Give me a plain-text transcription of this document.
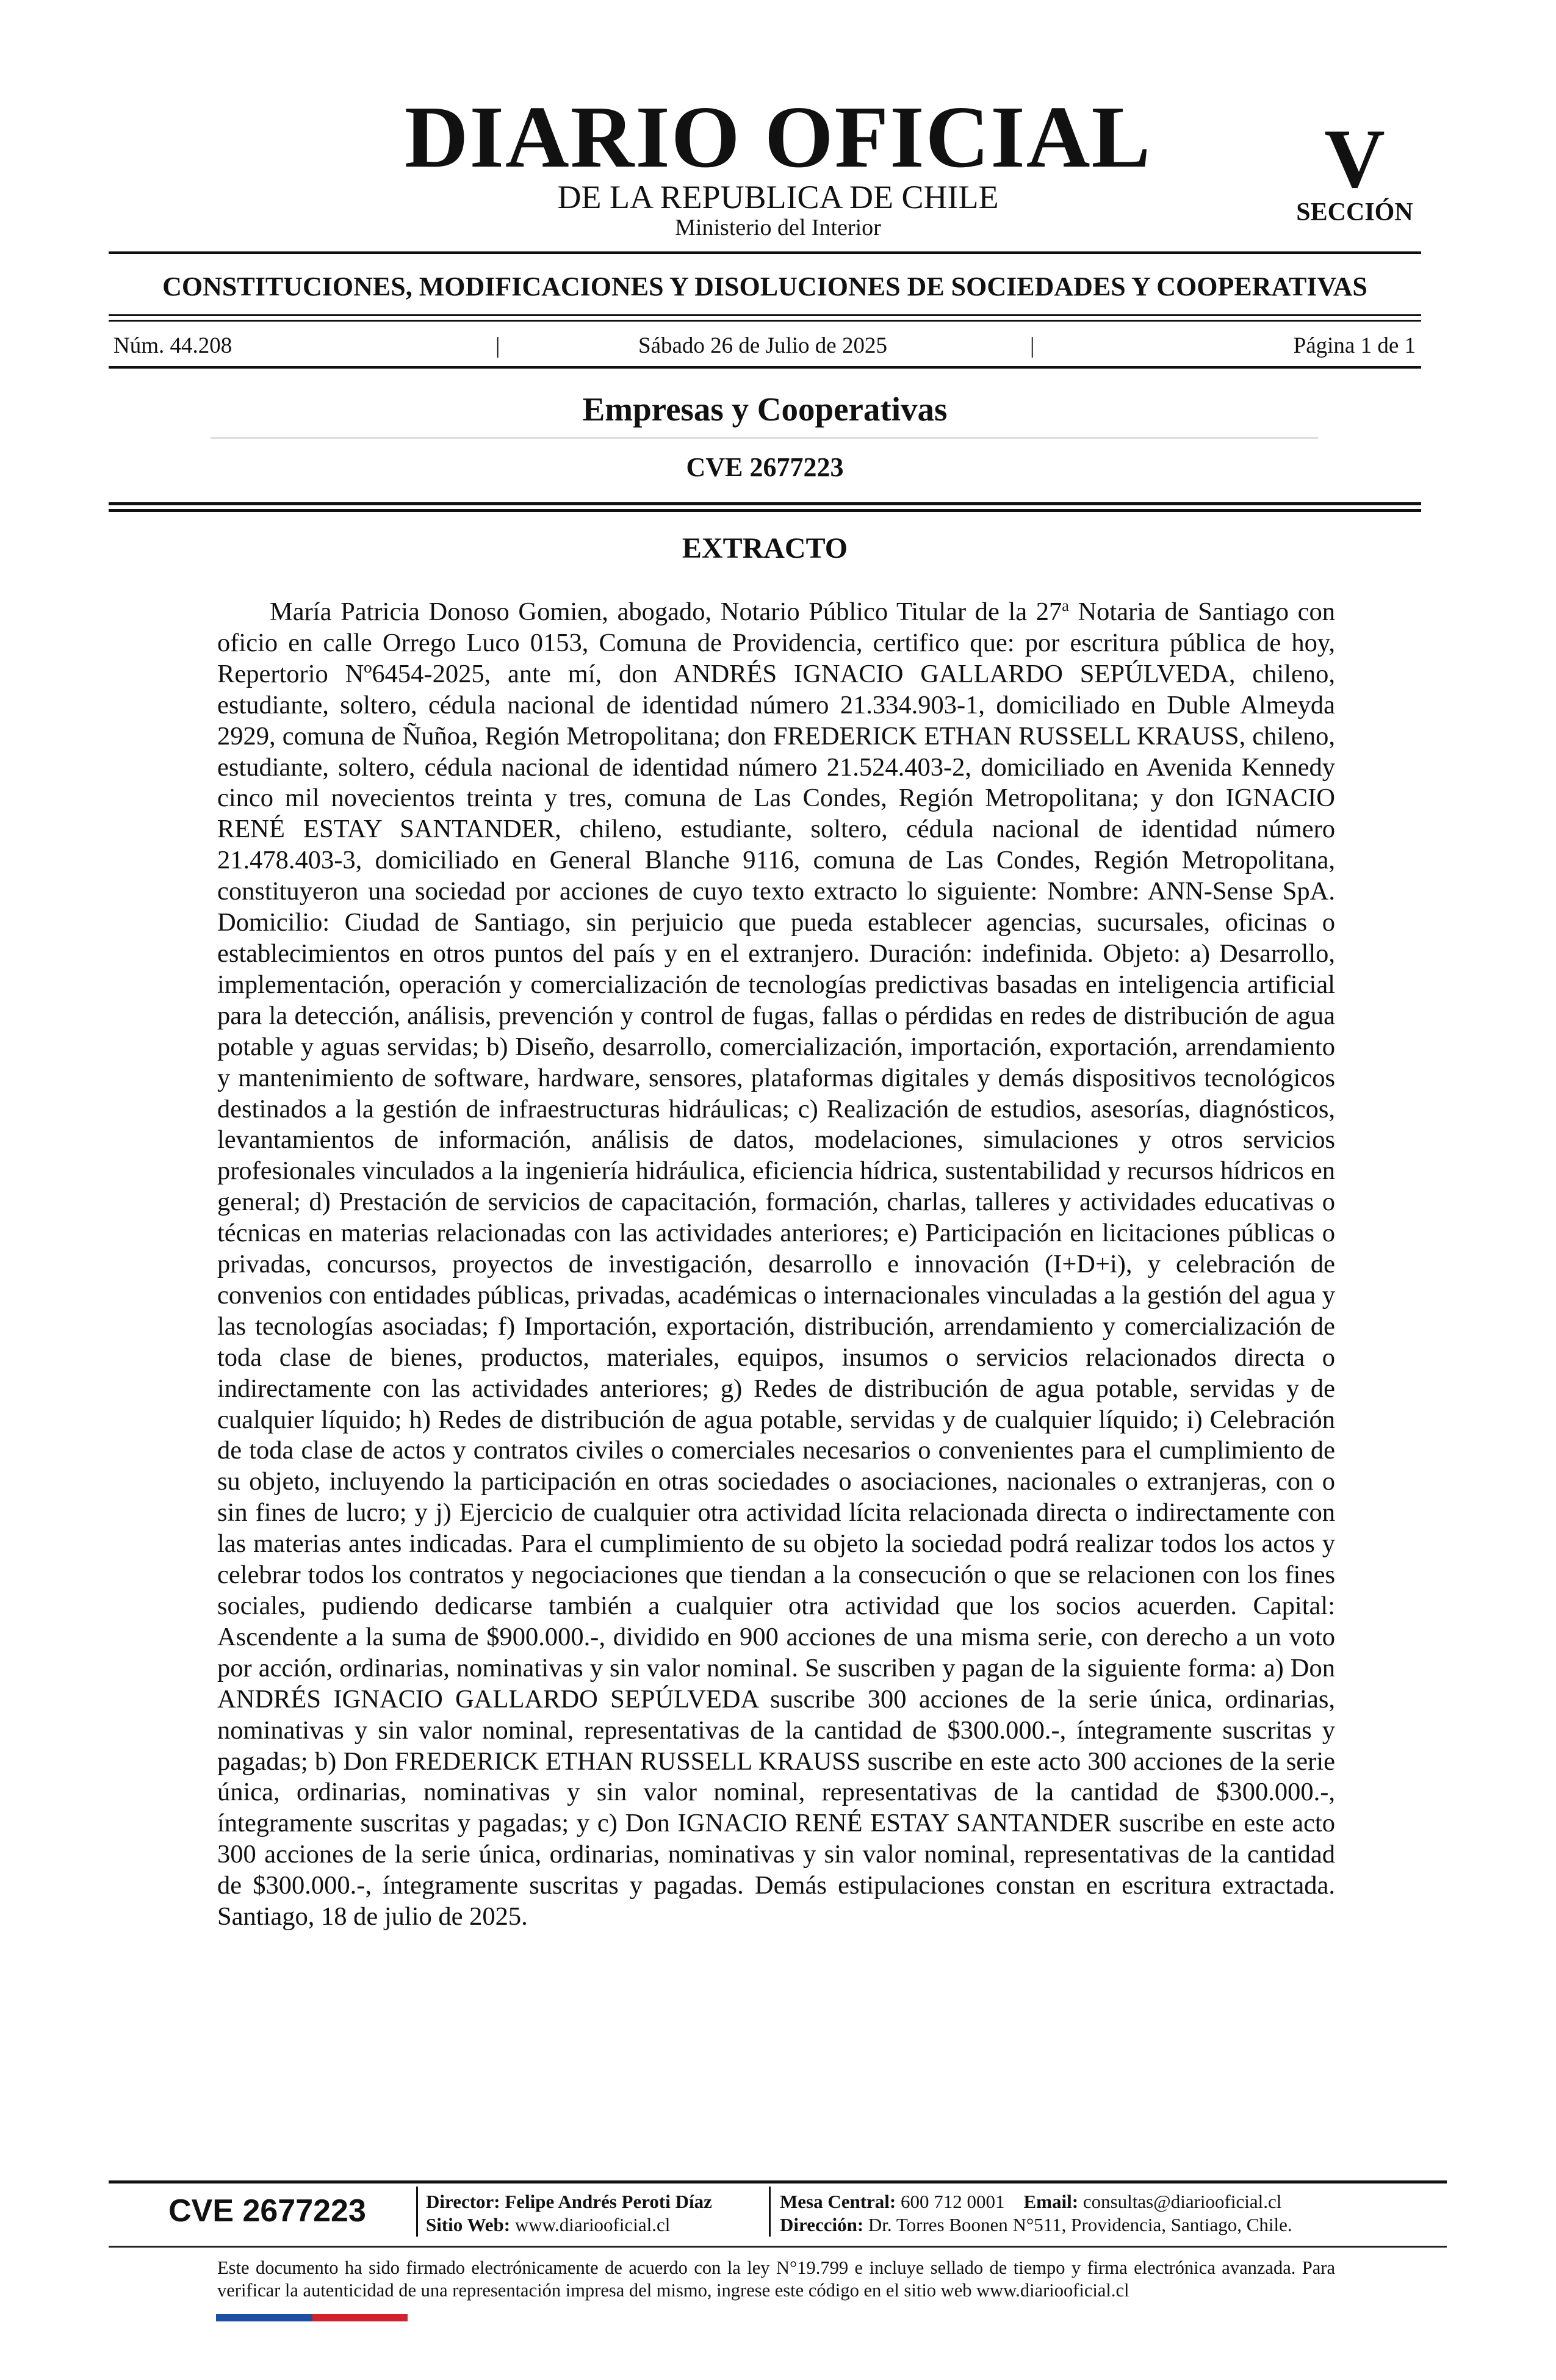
DIARIO OFICIAL
DE LA REPUBLICA DE CHILE
Ministerio del Interior
V
SECCIÓN
CONSTITUCIONES, MODIFICACIONES Y DISOLUCIONES DE SOCIEDADES Y COOPERATIVAS
Núm. 44.208	|	Sábado 26 de Julio de 2025	|	Página 1 de 1
Empresas y Cooperativas
CVE 2677223
EXTRACTO

María Patricia Donoso Gomien, abogado, Notario Público Titular de la 27$^a$ Notaria de Santiago con oficio en calle Orrego Luco 0153, Comuna de Providencia, certifico que: por escritura pública de hoy, Repertorio Nº6454-2025, ante mí, don ANDRÉS IGNACIO GALLARDO SEPÚLVEDA, chileno, estudiante, soltero, cédula nacional de identidad número 21.334.903-1, domiciliado en Duble Almeyda 2929, comuna de Ñuñoa, Región Metropolitana; don FREDERICK ETHAN RUSSELL KRAUSS, chileno, estudiante, soltero, cédula nacional de identidad número 21.524.403-2, domiciliado en Avenida Kennedy cinco mil novecientos treinta y tres, comuna de Las Condes, Región Metropolitana; y don IGNACIO RENÉ ESTAY SANTANDER, chileno, estudiante, soltero, cédula nacional de identidad número 21.478.403-3, domiciliado en General Blanche 9116, comuna de Las Condes, Región Metropolitana, constituyeron una sociedad por acciones de cuyo texto extracto lo siguiente: Nombre: ANN-Sense SpA. Domicilio: Ciudad de Santiago, sin perjuicio que pueda establecer agencias, sucursales, oficinas o establecimientos en otros puntos del país y en el extranjero. Duración: indefinida. Objeto: a) Desarrollo, implementación, operación y comercialización de tecnologías predictivas basadas en inteligencia artificial para la detección, análisis, prevención y control de fugas, fallas o pérdidas en redes de distribución de agua potable y aguas servidas; b) Diseño, desarrollo, comercialización, importación, exportación, arrendamiento y mantenimiento de software, hardware, sensores, plataformas digitales y demás dispositivos tecnológicos destinados a la gestión de infraestructuras hidráulicas; c) Realización de estudios, asesorías, diagnósticos, levantamientos de información, análisis de datos, modelaciones, simulaciones y otros servicios profesionales vinculados a la ingeniería hidráulica, eficiencia hídrica, sustentabilidad y recursos hídricos en general; d) Prestación de servicios de capacitación, formación, charlas, talleres y actividades educativas o técnicas en materias relacionadas con las actividades anteriores; e) Participación en licitaciones públicas o privadas, concursos, proyectos de investigación, desarrollo e innovación (I+D+i), y celebración de convenios con entidades públicas, privadas, académicas o internacionales vinculadas a la gestión del agua y las tecnologías asociadas; f) Importación, exportación, distribución, arrendamiento y comercialización de toda clase de bienes, productos, materiales, equipos, insumos o servicios relacionados directa o indirectamente con las actividades anteriores; g) Redes de distribución de agua potable, servidas y de cualquier líquido; h) Redes de distribución de agua potable, servidas y de cualquier líquido; i) Celebración de toda clase de actos y contratos civiles o comerciales necesarios o convenientes para el cumplimiento de su objeto, incluyendo la participación en otras sociedades o asociaciones, nacionales o extranjeras, con o sin fines de lucro; y j) Ejercicio de cualquier otra actividad lícita relacionada directa o indirectamente con las materias antes indicadas. Para el cumplimiento de su objeto la sociedad podrá realizar todos los actos y celebrar todos los contratos y negociaciones que tiendan a la consecución o que se relacionen con los fines sociales, pudiendo dedicarse también a cualquier otra actividad que los socios acuerden. Capital: Ascendente a la suma de $900.000.-, dividido en 900 acciones de una misma serie, con derecho a un voto por acción, ordinarias, nominativas y sin valor nominal. Se suscriben y pagan de la siguiente forma: a) Don ANDRÉS IGNACIO GALLARDO SEPÚLVEDA suscribe 300 acciones de la serie única, ordinarias, nominativas y sin valor nominal, representativas de la cantidad de $300.000.-, íntegramente suscritas y pagadas; b) Don FREDERICK ETHAN RUSSELL KRAUSS suscribe en este acto 300 acciones de la serie única, ordinarias, nominativas y sin valor nominal, representativas de la cantidad de $300.000.-, íntegramente suscritas y pagadas; y c) Don IGNACIO RENÉ ESTAY SANTANDER suscribe en este acto 300 acciones de la serie única, ordinarias, nominativas y sin valor nominal, representativas de la cantidad de $300.000.-, íntegramente suscritas y pagadas. Demás estipulaciones constan en escritura extractada. Santiago, 18 de julio de 2025.

CVE 2677223	Director: Felipe Andrés Peroti Díaz
Sitio Web: www.diariooficial.cl
Mesa Central: 600 712 0001 Email: consultas@diariooficial.cl
Dirección: Dr. Torres Boonen N°511, Providencia, Santiago, Chile.
Este documento ha sido firmado electrónicamente de acuerdo con la ley N°19.799 e incluye sellado de tiempo y firma electrónica avanzada. Para verificar la autenticidad de una representación impresa del mismo, ingrese este código en el sitio web www.diariooficial.cl
